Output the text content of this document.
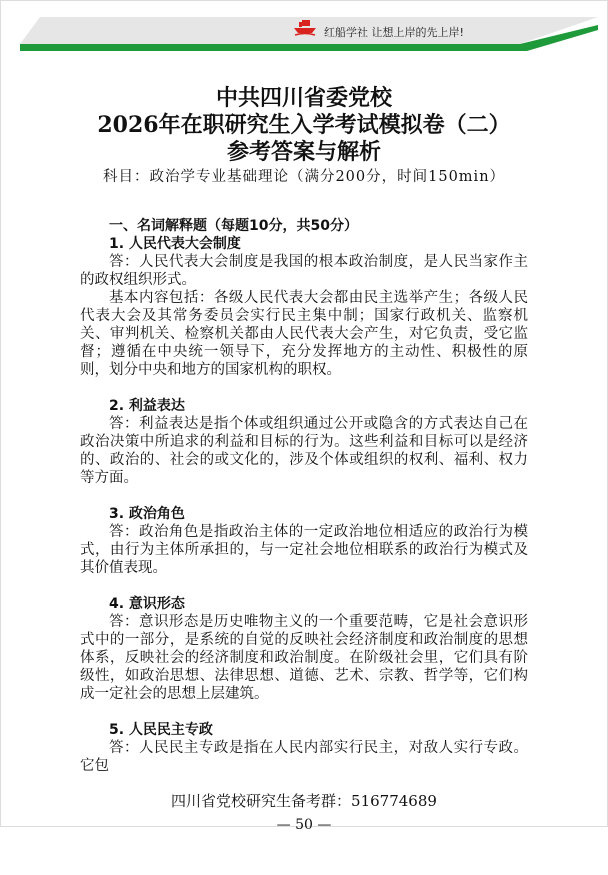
红船学社 让想上岸的先上岸!
中共四川省委党校
2026年在职研究生入学考试模拟卷（二）
参考答案与解析
科目：政治学专业基础理论（满分200分，时间150min）
一、名词解释题（每题10分，共50分）
1. 人民代表大会制度

答：人民代表大会制度是我国的根本政治制度，是人民当家作主的政权组织形式。

基本内容包括：各级人民代表大会都由民主选举产生；各级人民代表大会及其常务委员会实行民主集中制；国家行政机关、监察机关、审判机关、检察机关都由人民代表大会产生，对它负责，受它监督；遵循在中央统一领导下，充分发挥地方的主动性、积极性的原则，划分中央和地方的国家机构的职权。

2. 利益表达

答：利益表达是指个体或组织通过公开或隐含的方式表达自己在政治决策中所追求的利益和目标的行为。这些利益和目标可以是经济的、政治的、社会的或文化的，涉及个体或组织的权利、福利、权力等方面。

3. 政治角色

答：政治角色是指政治主体的一定政治地位相适应的政治行为模式，由行为主体所承担的，与一定社会地位相联系的政治行为模式及其价值表现。

4. 意识形态

答：意识形态是历史唯物主义的一个重要范畴，它是社会意识形式中的一部分，是系统的自觉的反映社会经济制度和政治制度的思想体系，反映社会的经济制度和政治制度。在阶级社会里，它们具有阶级性，如政治思想、法律思想、道德、艺术、宗教、哲学等，它们构成一定社会的思想上层建筑。

5. 人民民主专政

答：人民民主专政是指在人民内部实行民主，对敌人实行专政。它包

四川省党校研究生备考群：516774689
— 50 —
